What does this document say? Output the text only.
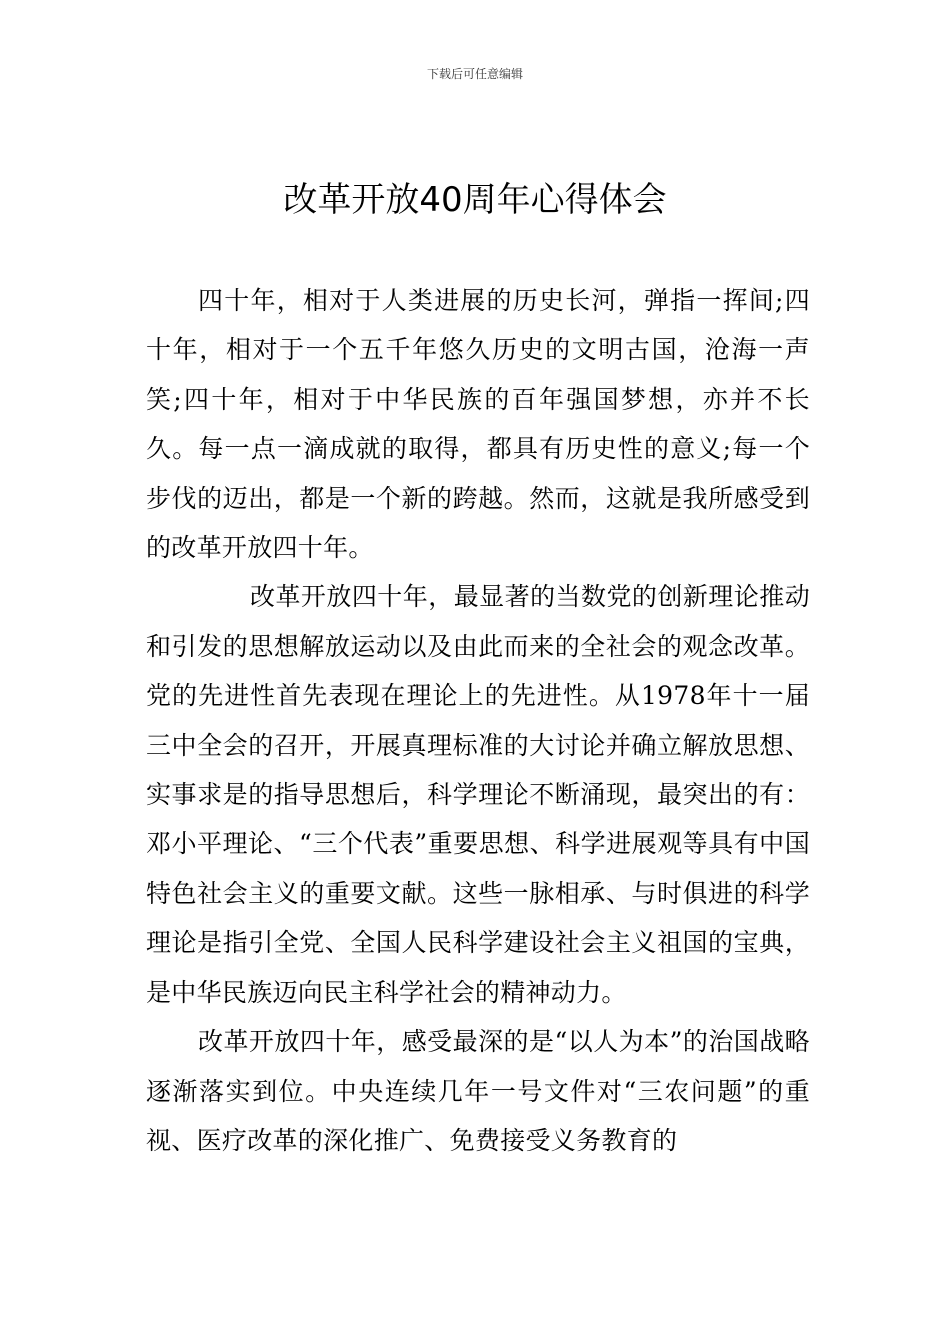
下载后可任意编辑
改革开放40周年心得体会

四十年，相对于人类进展的历史长河，弹指一挥间;四十年，相对于一个五千年悠久历史的文明古国，沧海一声笑;四十年，相对于中华民族的百年强国梦想，亦并不长久。每一点一滴成就的取得，都具有历史性的意义;每一个步伐的迈出，都是一个新的跨越。然而，这就是我所感受到的改革开放四十年。

改革开放四十年，最显著的当数党的创新理论推动和引发的思想解放运动以及由此而来的全社会的观念改革。党的先进性首先表现在理论上的先进性。从1978年十一届三中全会的召开，开展真理标准的大讨论并确立解放思想、实事求是的指导思想后，科学理论不断涌现，最突出的有：邓小平理论、“三个代表”重要思想、科学进展观等具有中国特色社会主义的重要文献。这些一脉相承、与时俱进的科学理论是指引全党、全国人民科学建设社会主义祖国的宝典，是中华民族迈向民主科学社会的精神动力。

改革开放四十年，感受最深的是“以人为本”的治国战略逐渐落实到位。中央连续几年一号文件对“三农问题”的重视、医疗改革的深化推广、免费接受义务教育的
